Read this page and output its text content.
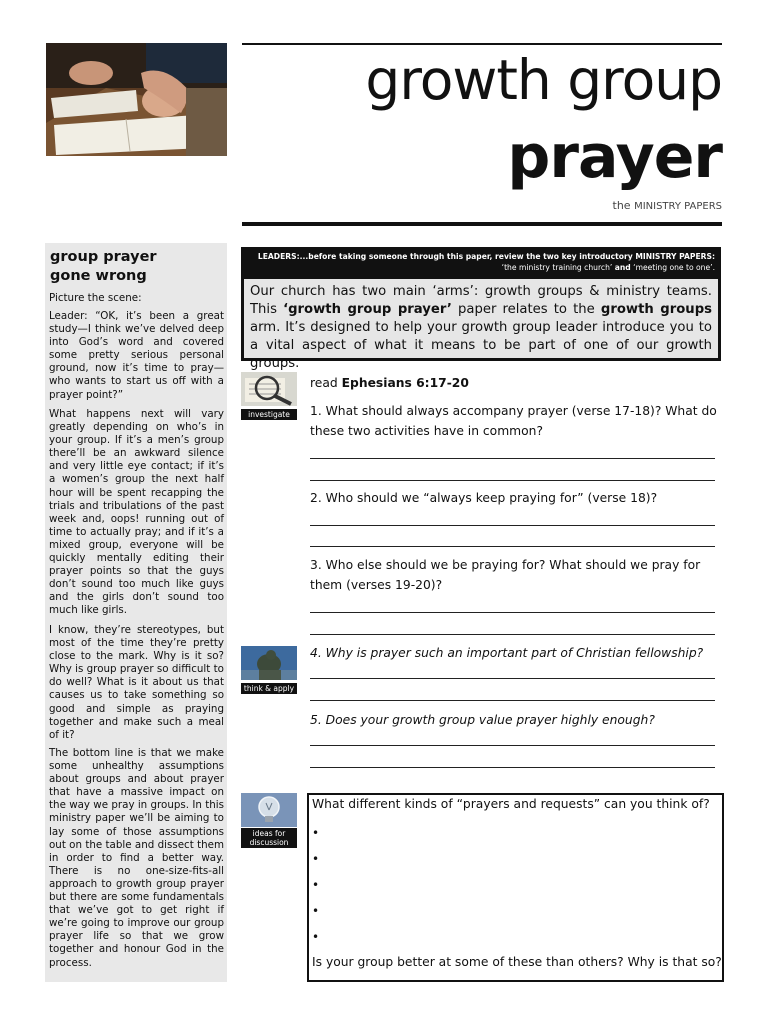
growth group
prayer
the MINISTRY PAPERS
group prayer
gone wrong
Picture the scene:
Leader: “OK, it’s been a great study—I think we’ve delved deep into God’s word and covered some pretty serious personal ground, now it’s time to pray—who wants to start us off with a prayer point?”
What happens next will vary greatly depending on who’s in your group. If it’s a men’s group there’ll be an awkward silence and very little eye contact; if it’s a women’s group the next half hour will be spent recapping the trials and tribulations of the past week and, oops! running out of time to actually pray; and if it’s a mixed group, everyone will be quickly mentally editing their prayer points so that the guys don’t sound too much like guys and the girls don’t sound too much like girls.
I know, they’re stereotypes, but most of the time they’re pretty close to the mark. Why is it so? Why is group prayer so difficult to do well? What is it about us that causes us to take something so good and simple as praying together and make such a meal of it?
The bottom line is that we make some unhealthy assumptions about groups and about prayer that have a massive impact on the way we pray in groups. In this ministry paper we’ll be aiming to lay some of those assumptions out on the table and dissect them in order to find a better way. There is no one-size-fits-all approach to growth group prayer but there are some fundamentals that we’ve got to get right if we’re going to improve our group prayer life so that we grow together and honour God in the process.
LEADERS:...before taking someone through this paper, review the two key introductory MINISTRY PAPERS:
‘the ministry training church’ and ‘meeting one to one’.

Our church has two main ‘arms’: growth groups & ministry teams. This ‘growth group prayer’ paper relates to the growth groups arm. It’s designed to help your growth group leader introduce you to a vital aspect of what it means to be part of one of our growth groups.

investigate
read Ephesians 6:17-20
1. What should always accompany prayer (verse 17-18)? What do these two activities have in common?
2. Who should we “always keep praying for” (verse 18)?
3. Who else should we be praying for? What should we pray for them (verses 19-20)?
think & apply
4. Why is prayer such an important part of Christian fellowship?
5. Does your growth group value prayer highly enough?
ideas for
discussion
What different kinds of “prayers and requests” can you think of?
•
•
•
•
•
Is your group better at some of these than others? Why is that so?
